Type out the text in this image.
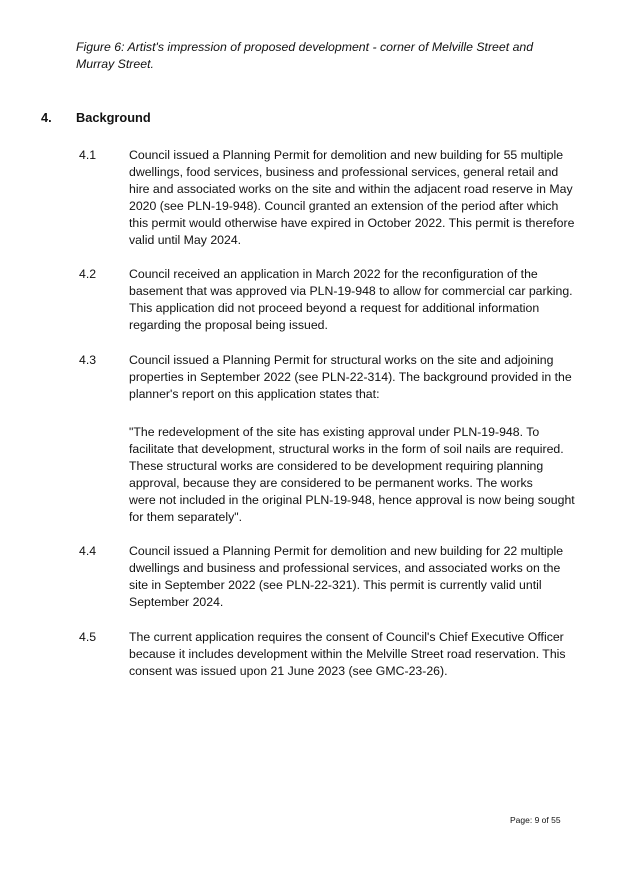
Figure 6: Artist's impression of proposed development - corner of Melville Street and
Murray Street.
4. Background
4.1	Council issued a Planning Permit for demolition and new building for 55 multiple
dwellings, food services, business and professional services, general retail and
hire and associated works on the site and within the adjacent road reserve in May
2020 (see PLN-19-948). Council granted an extension of the period after which
this permit would otherwise have expired in October 2022. This permit is therefore
valid until May 2024.
4.2	Council received an application in March 2022 for the reconfiguration of the
basement that was approved via PLN-19-948 to allow for commercial car parking.
This application did not proceed beyond a request for additional information
regarding the proposal being issued.
4.3	Council issued a Planning Permit for structural works on the site and adjoining
properties in September 2022 (see PLN-22-314). The background provided in the
planner's report on this application states that:
"The redevelopment of the site has existing approval under PLN-19-948. To
facilitate that development, structural works in the form of soil nails are required.
These structural works are considered to be development requiring planning
approval, because they are considered to be permanent works. The works
were not included in the original PLN-19-948, hence approval is now being sought
for them separately".
4.4	Council issued a Planning Permit for demolition and new building for 22 multiple
dwellings and business and professional services, and associated works on the
site in September 2022 (see PLN-22-321). This permit is currently valid until
September 2024.
4.5	The current application requires the consent of Council's Chief Executive Officer
because it includes development within the Melville Street road reservation. This
consent was issued upon 21 June 2023 (see GMC-23-26).
Page: 9 of 55
